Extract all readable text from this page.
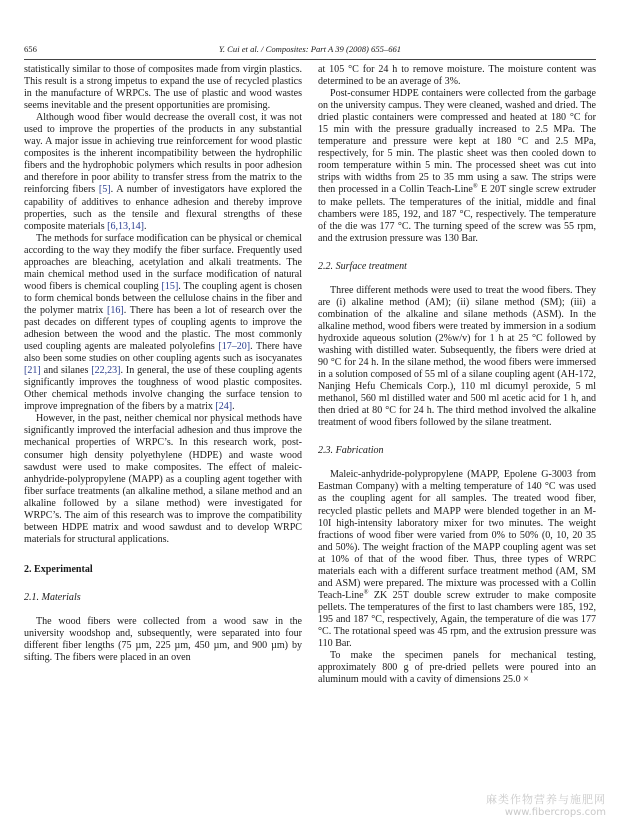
656	Y. Cui et al. / Composites: Part A 39 (2008) 655–661

statistically similar to those of composites made from virgin plastics. This result is a strong impetus to expand the use of recycled plastics in the manufacture of WRPCs. The use of plastic and wood wastes seems inevitable and the present opportunities are promising.

Although wood fiber would decrease the overall cost, it was not used to improve the properties of the products in any substantial way. A major issue in achieving true reinforcement for wood plastic composites is the inherent incompatibility between the hydrophilic fibers and the hydrophobic polymers which results in poor adhesion and therefore in poor ability to transfer stress from the matrix to the reinforcing fibers [5]. A number of investigators have explored the capability of additives to enhance adhesion and thereby improve properties, such as the tensile and flexural strengths of these composite materials [6,13,14].

The methods for surface modification can be physical or chemical according to the way they modify the fiber surface. Frequently used approaches are bleaching, acetylation and alkali treatments. The main chemical method used in the surface modification of natural wood fibers is chemical coupling [15]. The coupling agent is chosen to form chemical bonds between the cellulose chains in the fiber and the polymer matrix [16]. There has been a lot of research over the past decades on different types of coupling agents to improve the adhesion between the wood and the plastic. The most commonly used coupling agents are maleated polyolefins [17–20]. There have also been some studies on other coupling agents such as isocyanates [21] and silanes [22,23]. In general, the use of these coupling agents significantly improves the toughness of wood plastic composites. Other chemical methods involve changing the surface tension to improve impregnation of the fibers by a matrix [24].

However, in the past, neither chemical nor physical methods have significantly improved the interfacial adhesion and thus improve the mechanical properties of WRPC’s. In this research work, post-consumer high density polyethylene (HDPE) and waste wood sawdust were used to make composites. The effect of maleic-anhydride-polypropylene (MAPP) as a coupling agent together with fiber surface treatments (an alkaline method, a silane method and an alkaline followed by a silane method) were investigated for WRPC’s. The aim of this research was to improve the compatibility between HDPE matrix and wood sawdust and to develop WRPC materials for structural applications.

2. Experimental
2.1. Materials

The wood fibers were collected from a wood saw in the university woodshop and, subsequently, were separated into four different fiber lengths (75 µm, 225 µm, 450 µm, and 900 µm) by sifting. The fibers were placed in an oven

at 105 °C for 24 h to remove moisture. The moisture content was determined to be an average of 3%.

Post-consumer HDPE containers were collected from the garbage on the university campus. They were cleaned, washed and dried. The dried plastic containers were compressed and heated at 180 °C for 15 min with the pressure gradually increased to 2.5 MPa. The temperature and pressure were kept at 180 °C and 2.5 MPa, respectively, for 5 min. The plastic sheet was then cooled down to room temperature within 5 min. The processed sheet was cut into strips with widths from 25 to 35 mm using a saw. The strips were then processed in a Collin Teach-Line® E 20T single screw extruder to make pellets. The temperatures of the initial, middle and final chambers were 185, 192, and 187 °C, respectively. The temperature of the die was 177 °C. The turning speed of the screw was 55 rpm, and the extrusion pressure was 130 Bar.

2.2. Surface treatment

Three different methods were used to treat the wood fibers. They are (i) alkaline method (AM); (ii) silane method (SM); (iii) a combination of the alkaline and silane methods (ASM). In the alkaline method, wood fibers were treated by immersion in a sodium hydroxide aqueous solution (2%w/v) for 1 h at 25 °C followed by washing with distilled water. Subsequently, the fibers were dried at 90 °C for 24 h. In the silane method, the wood fibers were immersed in a solution composed of 55 ml of a silane coupling agent (AH-172, Nanjing Hefu Chemicals Corp.), 110 ml dicumyl peroxide, 5 ml methanol, 560 ml distilled water and 500 ml acetic acid for 1 h, and then dried at 80 °C for 24 h. The third method involved the alkaline treatment of wood fibers followed by the silane treatment.

2.3. Fabrication

Maleic-anhydride-polypropylene (MAPP, Epolene G-3003 from Eastman Company) with a melting temperature of 140 °C was used as the coupling agent for all samples. The treated wood fiber, recycled plastic pellets and MAPP were blended together in an M-10I high-intensity laboratory mixer for two minutes. The weight fractions of wood fiber were varied from 0% to 50% (0, 10, 20 35 and 50%). The weight fraction of the MAPP coupling agent was set at 10% of that of the wood fiber. Thus, three types of WRPC materials each with a different surface treatment method (AM, SM and ASM) were prepared. The mixture was processed with a Collin Teach-Line® ZK 25T double screw extruder to make composite pellets. The temperatures of the first to last chambers were 185, 192, 195 and 187 °C, respectively, Again, the temperature of die was 177 °C. The rotational speed was 45 rpm, and the extrusion pressure was 110 Bar.

To make the specimen panels for mechanical testing, approximately 800 g of pre-dried pellets were poured into an aluminum mould with a cavity of dimensions 25.0 ×

麻类作物营养与施肥网
www.fibercrops.com
